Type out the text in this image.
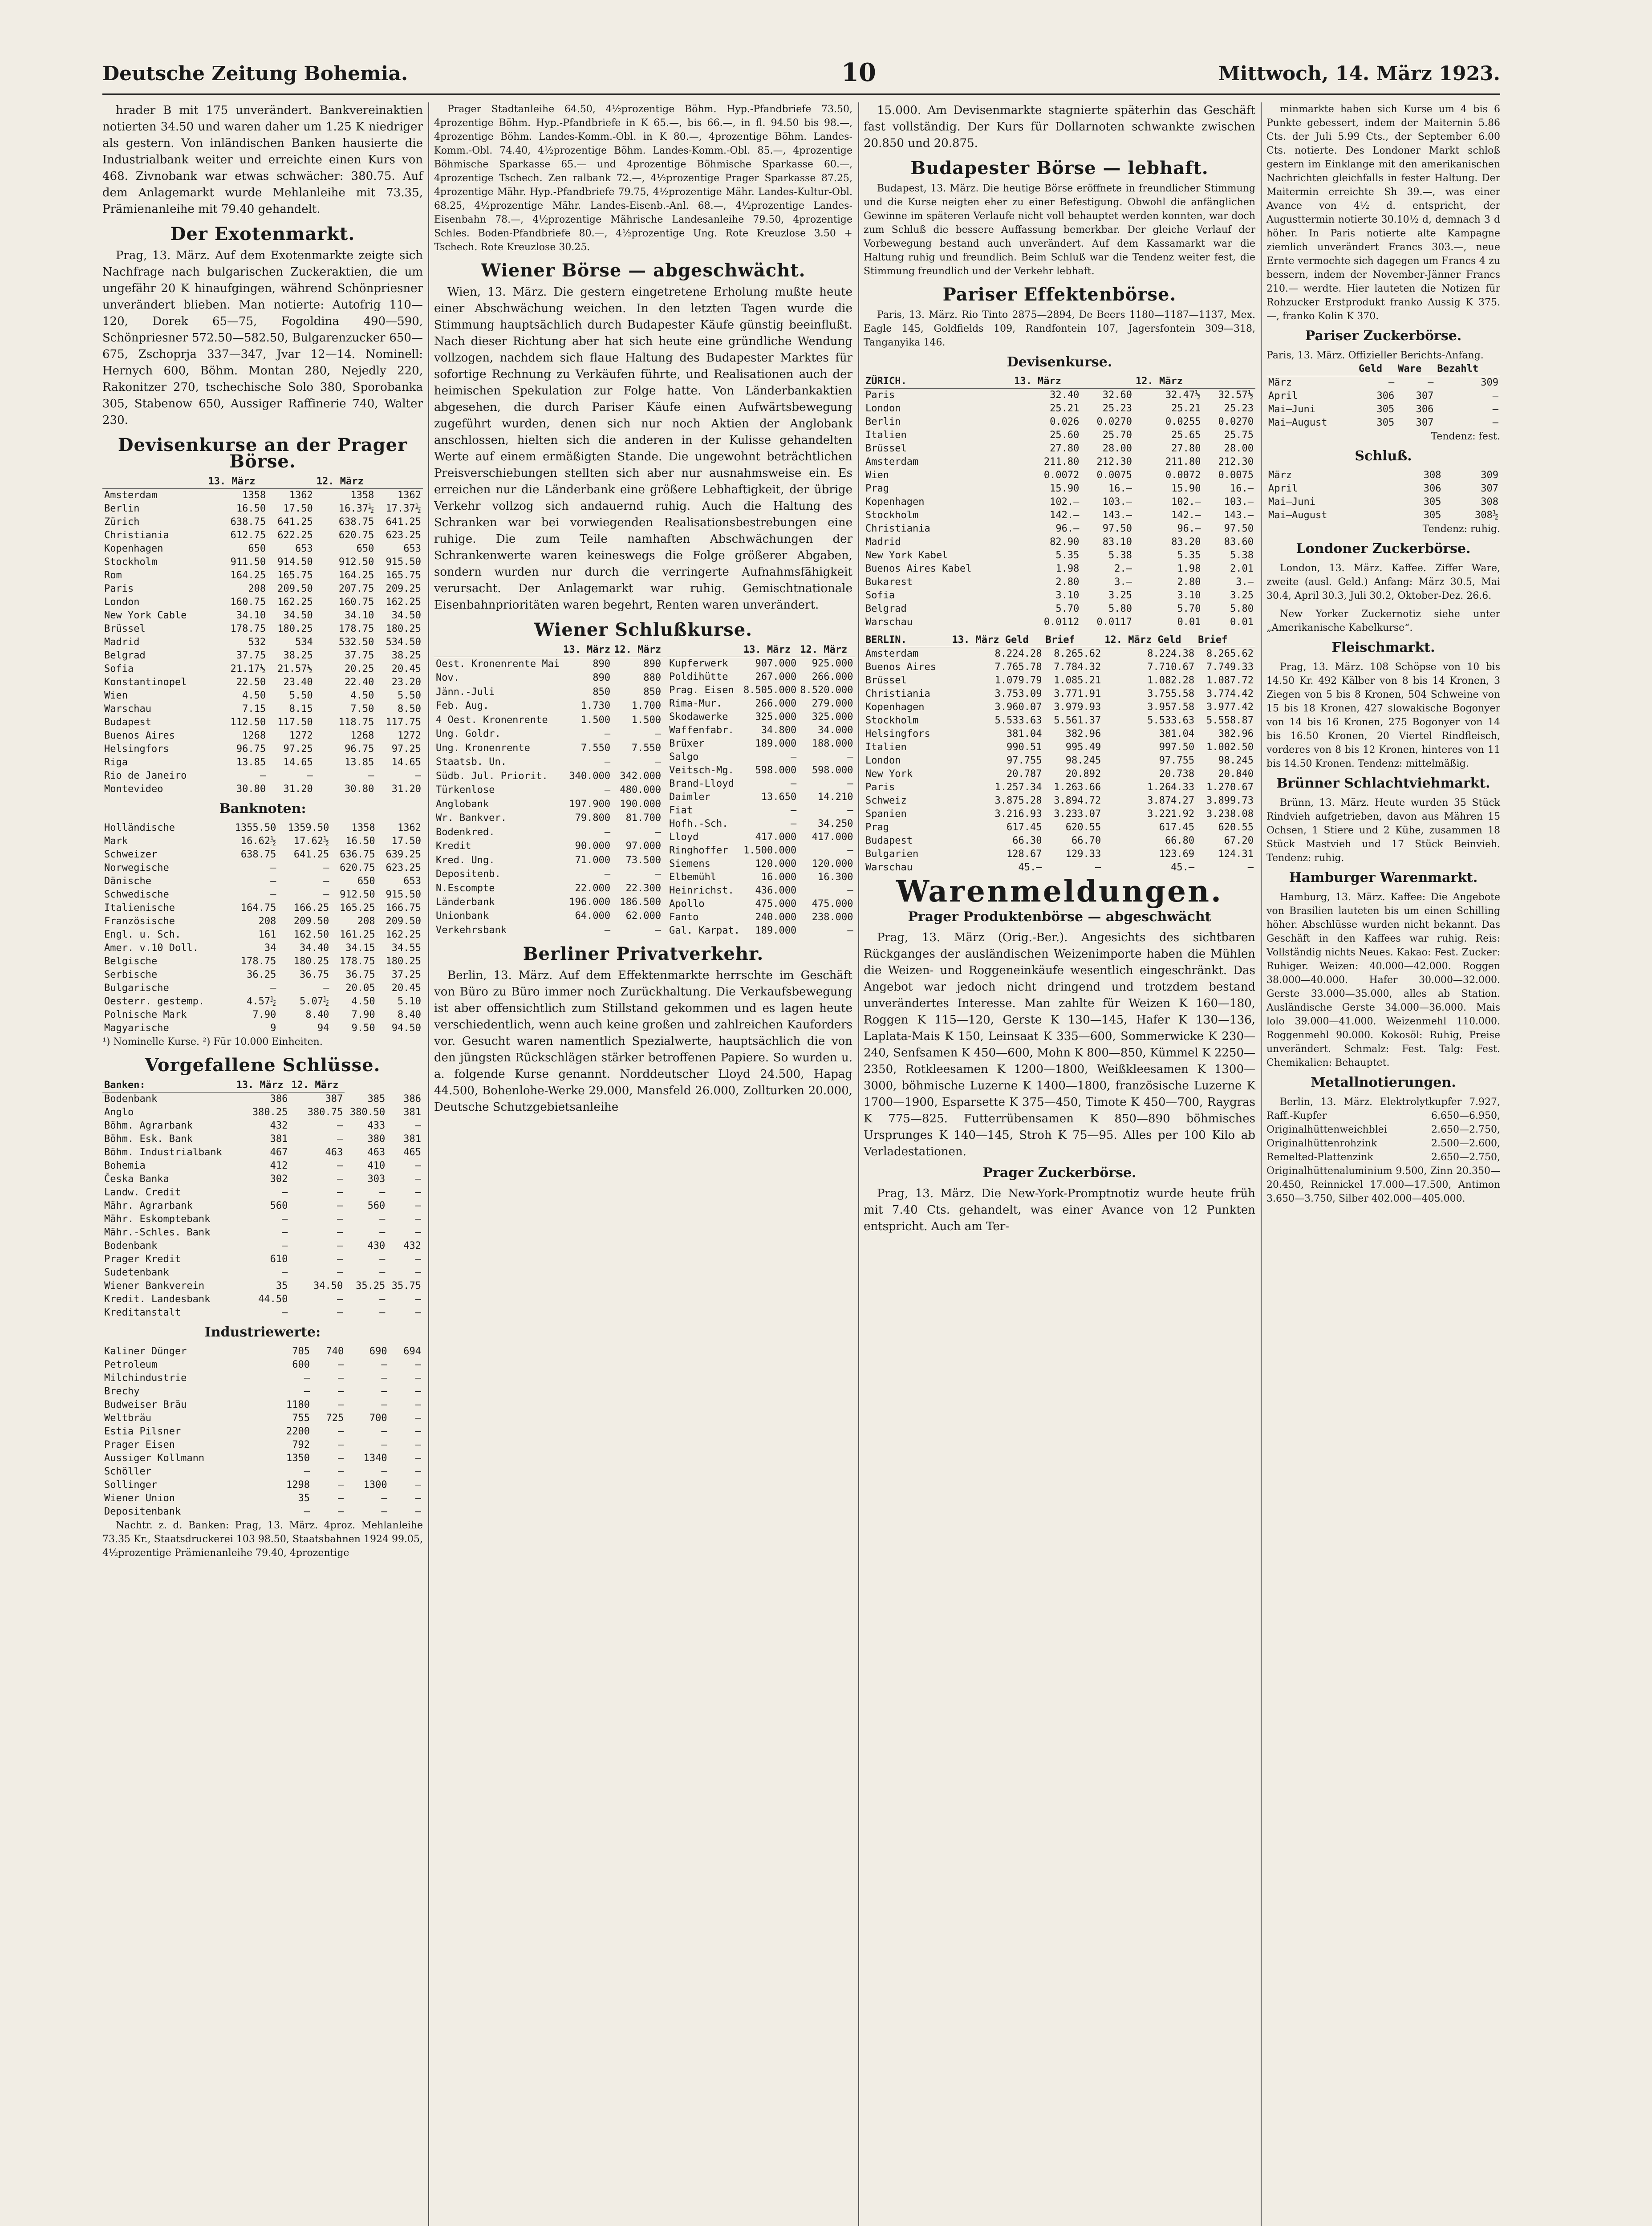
Deutsche Zeitung Bohemia.	10	Mittwoch, 14. März 1923.

hrader B mit 175 unverändert. Bankvereinaktien notierten 34.50 und waren daher um 1.25 K niedriger als gestern. Von inländischen Banken hausierte die Industrialbank weiter und erreichte einen Kurs von 468. Zivnobank war etwas schwächer: 380.75. Auf dem Anlagemarkt wurde Mehlanleihe mit 73.35, Prämienanleihe mit 79.40 gehandelt.

Der Exotenmarkt.

Prag, 13. März. Auf dem Exotenmarkte zeigte sich Nachfrage nach bulgarischen Zuckeraktien, die um ungefähr 20 K hinaufgingen, während Schönpriesner unverändert blieben. Man notierte: Autofrig 110—120, Dorek 65—75, Fogoldina 490—590, Schönpriesner 572.50—582.50, Bulgarenzucker 650—675, Zschoprja 337—347, Jvar 12—14. Nominell: Hernych 600, Böhm. Montan 280, Nejedly 220, Rakonitzer 270, tschechische Solo 380, Sporobanka 305, Stabenow 650, Aussiger Raffinerie 740, Walter 230.

Devisenkurse an der Prager Börse.
	13. März		12. März	
Amsterdam	1358	1362	1358	1362
Berlin	16.50	17.50	16.37½	17.37½
Zürich	638.75	641.25	638.75	641.25
Christiania	612.75	622.25	620.75	623.25
Kopenhagen	650	653	650	653
Stockholm	911.50	914.50	912.50	915.50
Rom	164.25	165.75	164.25	165.75
Paris	208	209.50	207.75	209.25
London	160.75	162.25	160.75	162.25
New York Cable	34.10	34.50	34.10	34.50
Brüssel	178.75	180.25	178.75	180.25
Madrid	532	534	532.50	534.50
Belgrad	37.75	38.25	37.75	38.25
Sofia	21.17½	21.57½	20.25	20.45
Konstantinopel	22.50	23.40	22.40	23.20
Wien	4.50	5.50	4.50	5.50
Warschau	7.15	8.15	7.50	8.50
Budapest	112.50	117.50	118.75	117.75
Buenos Aires	1268	1272	1268	1272
Helsingfors	96.75	97.25	96.75	97.25
Riga	13.85	14.65	13.85	14.65
Rio de Janeiro	—	—	—	—
Montevideo	30.80	31.20	30.80	31.20
Banknoten:
Holländische	1355.50	1359.50	1358	1362
Mark	16.62½	17.62½	16.50	17.50
Schweizer	638.75	641.25	636.75	639.25
Norwegische	—	—	620.75	623.25
Dänische	—	—	650	653
Schwedische	—	—	912.50	915.50
Italienische	164.75	166.25	165.25	166.75
Französische	208	209.50	208	209.50
Engl. u. Sch.	161	162.50	161.25	162.25
Amer. v.10 Doll.	34	34.40	34.15	34.55
Belgische	178.75	180.25	178.75	180.25
Serbische	36.25	36.75	36.75	37.25
Bulgarische	—	—	20.05	20.45
Oesterr. gestemp.	4.57½	5.07½	4.50	5.10
Polnische Mark	7.90	8.40	7.90	8.40
Magyarische	9	94	9.50	94.50
¹) Nominelle Kurse. ²) Für 10.000 Einheiten.
Vorgefallene Schlüsse.
Banken:	13. März	12. März		
Bodenbank	386	387	385	386
Anglo	380.25	380.75	380.50	381
Böhm. Agrarbank	432	—	433	—
Böhm. Esk. Bank	381	—	380	381
Böhm. Industrialbank	467	463	463	465
Bohemia	412	—	410	—
Česka Banka	302	—	303	—
Landw. Credit	—	—	—	—
Mähr. Agrarbank	560	—	560	—
Mähr. Eskomptebank	—	—	—	—
Mähr.-Schles. Bank	—	—	—	—
Bodenbank	—	—	430	432
Prager Kredit	610	—	—	—
Sudetenbank	—	—	—	—
Wiener Bankverein	35	34.50	35.25	35.75
Kredit. Landesbank	44.50	—	—	—
Kreditanstalt	—	—	—	—
Industriewerte:
Kaliner Dünger	705	740	690	694
Petroleum	600	—	—	—
Milchindustrie	—	—	—	—
Brechy	—	—	—	—
Budweiser Bräu	1180	—	—	—
Weltbräu	755	725	700	—
Estia Pilsner	2200	—	—	—
Prager Eisen	792	—	—	—
Aussiger Kollmann	1350	—	1340	—
Schöller	—	—	—	—
Sollinger	1298	—	1300	—
Wiener Union	35	—	—	—
Depositenbank	—	—	—	—

Nachtr. z. d. Banken: Prag, 13. März. 4proz. Mehlanleihe 73.35 Kr., Staatsdruckerei 103 98.50, Staatsbahnen 1924 99.05, 4½prozentige Prämienanleihe 79.40, 4prozentige

Prager Stadtanleihe 64.50, 4½prozentige Böhm. Hyp.-Pfandbriefe 73.50, 4prozentige Böhm. Hyp.-Pfandbriefe in K 65.—, bis 66.—, in fl. 94.50 bis 98.—, 4prozentige Böhm. Landes-Komm.-Obl. in K 80.—, 4prozentige Böhm. Landes-Komm.-Obl. 74.40, 4½prozentige Böhm. Landes-Komm.-Obl. 85.—, 4prozentige Böhmische Sparkasse 65.— und 4prozentige Böhmische Sparkasse 60.—, 4prozentige Tschech. Zen ralbank 72.—, 4½prozentige Prager Sparkasse 87.25, 4prozentige Mähr. Hyp.-Pfandbriefe 79.75, 4½prozentige Mähr. Landes-Kultur-Obl. 68.25, 4½prozentige Mähr. Landes-Eisenb.-Anl. 68.—, 4½prozentige Landes-Eisenbahn 78.—, 4½prozentige Mährische Landesanleihe 79.50, 4prozentige Schles. Boden-Pfandbriefe 80.—, 4½prozentige Ung. Rote Kreuzlose 3.50 + Tschech. Rote Kreuzlose 30.25.

Wiener Börse — abgeschwächt.

Wien, 13. März. Die gestern eingetretene Erholung mußte heute einer Abschwächung weichen. In den letzten Tagen wurde die Stimmung hauptsächlich durch Budapester Käufe günstig beeinflußt. Nach dieser Richtung aber hat sich heute eine gründliche Wendung vollzogen, nachdem sich flaue Haltung des Budapester Marktes für sofortige Rechnung zu Verkäufen führte, und Realisationen auch der heimischen Spekulation zur Folge hatte. Von Länderbankaktien abgesehen, die durch Pariser Käufe einen Aufwärtsbewegung zugeführt wurden, denen sich nur noch Aktien der Anglobank anschlossen, hielten sich die anderen in der Kulisse gehandelten Werte auf einem ermäßigten Stande. Die ungewohnt beträchtlichen Preisverschiebungen stellten sich aber nur ausnahmsweise ein. Es erreichen nur die Länderbank eine größere Lebhaftigkeit, der übrige Verkehr vollzog sich andauernd ruhig. Auch die Haltung des Schranken war bei vorwiegenden Realisationsbestrebungen eine ruhige. Die zum Teile namhaften Abschwächungen der Schrankenwerte waren keineswegs die Folge größerer Abgaben, sondern wurden nur durch die verringerte Aufnahmsfähigkeit verursacht. Der Anlagemarkt war ruhig. Gemischtnationale Eisenbahnprioritäten waren begehrt, Renten waren unverändert.

Wiener Schlußkurse.
	13. März	12. März
Oest. Kronenrente Mai	890	890
Nov.	890	880
Jänn.-Juli	850	850
Feb. Aug.	1.730	1.700
4 Oest. Kronenrente	1.500	1.500
Ung. Goldr.	—	—
Ung. Kronenrente	7.550	7.550
Staatsb. Un.	—	—
Südb. Jul. Priorit.	340.000	342.000
Türkenlose	—	480.000
Anglobank	197.900	190.000
Wr. Bankver.	79.800	81.700
Bodenkred.	—	—
Kredit	90.000	97.000
Kred. Ung.	71.000	73.500
Depositenb.	—	—
N.Escompte	22.000	22.300
Länderbank	196.000	186.500
Unionbank	64.000	62.000
Verkehrsbank	—	—
	13. März	12. März
Kupferwerk	907.000	925.000
Poldihütte	267.000	266.000
Prag. Eisen	8.505.000	8.520.000
Rima-Mur.	266.000	279.000
Skodawerke	325.000	325.000
Waffenfabr.	34.800	34.000
Brüxer	189.000	188.000
Salgo	—	—
Veitsch-Mg.	598.000	598.000
Brand-Lloyd	—	—
Daimler	13.650	14.210
Fiat	—	—
Hofh.-Sch.	—	34.250
Lloyd	417.000	417.000
Ringhoffer	1.500.000	—
Siemens	120.000	120.000
Elbemühl	16.000	16.300
Heinrichst.	436.000	—
Apollo	475.000	475.000
Fanto	240.000	238.000
Gal. Karpat.	189.000	—
Berliner Privatverkehr.

Berlin, 13. März. Auf dem Effektenmarkte herrschte im Geschäft von Büro zu Büro immer noch Zurückhaltung. Die Verkaufsbewegung ist aber offensichtlich zum Stillstand gekommen und es lagen heute verschiedentlich, wenn auch keine großen und zahlreichen Kauforders vor. Gesucht waren namentlich Spezialwerte, hauptsächlich die von den jüngsten Rückschlägen stärker betroffenen Papiere. So wurden u. a. folgende Kurse genannt. Norddeutscher Lloyd 24.500, Hapag 44.500, Bohenlohe-Werke 29.000, Mansfeld 26.000, Zollturken 20.000, Deutsche Schutzgebietsanleihe

15.000. Am Devisenmarkte stagnierte späterhin das Geschäft fast vollständig. Der Kurs für Dollarnoten schwankte zwischen 20.850 und 20.875.

Budapester Börse — lebhaft.

Budapest, 13. März. Die heutige Börse eröffnete in freundlicher Stimmung und die Kurse neigten eher zu einer Befestigung. Obwohl die anfänglichen Gewinne im späteren Verlaufe nicht voll behauptet werden konnten, war doch zum Schluß die bessere Auffassung bemerkbar. Der gleiche Verlauf der Vorbewegung bestand auch unverändert. Auf dem Kassamarkt war die Haltung ruhig und freundlich. Beim Schluß war die Tendenz weiter fest, die Stimmung freundlich und der Verkehr lebhaft.

Pariser Effektenbörse.

Paris, 13. März. Rio Tinto 2875—2894, De Beers 1180—1187—1137, Mex. Eagle 145, Goldfields 109, Randfontein 107, Jagersfontein 309—318, Tanganyika 146.

Devisenkurse.
ZÜRICH.	13. März		12. März	
Paris	32.40	32.60	32.47½	32.57½
London	25.21	25.23	25.21	25.23
Berlin	0.026	0.0270	0.0255	0.0270
Italien	25.60	25.70	25.65	25.75
Brüssel	27.80	28.00	27.80	28.00
Amsterdam	211.80	212.30	211.80	212.30
Wien	0.0072	0.0075	0.0072	0.0075
Prag	15.90	16.—	15.90	16.—
Kopenhagen	102.—	103.—	102.—	103.—
Stockholm	142.—	143.—	142.—	143.—
Christiania	96.—	97.50	96.—	97.50
Madrid	82.90	83.10	83.20	83.60
New York Kabel	5.35	5.38	5.35	5.38
Buenos Aires Kabel	1.98	2.—	1.98	2.01
Bukarest	2.80	3.—	2.80	3.—
Sofia	3.10	3.25	3.10	3.25
Belgrad	5.70	5.80	5.70	5.80
Warschau	0.0112	0.0117	0.01	0.01
BERLIN.	13. März Geld	Brief	12. März Geld	Brief
Amsterdam	8.224.28	8.265.62	8.224.38	8.265.62
Buenos Aires	7.765.78	7.784.32	7.710.67	7.749.33
Brüssel	1.079.79	1.085.21	1.082.28	1.087.72
Christiania	3.753.09	3.771.91	3.755.58	3.774.42
Kopenhagen	3.960.07	3.979.93	3.957.58	3.977.42
Stockholm	5.533.63	5.561.37	5.533.63	5.558.87
Helsingfors	381.04	382.96	381.04	382.96
Italien	990.51	995.49	997.50	1.002.50
London	97.755	98.245	97.755	98.245
New York	20.787	20.892	20.738	20.840
Paris	1.257.34	1.263.66	1.264.33	1.270.67
Schweiz	3.875.28	3.894.72	3.874.27	3.899.73
Spanien	3.216.93	3.233.07	3.221.92	3.238.08
Prag	617.45	620.55	617.45	620.55
Budapest	66.30	66.70	66.80	67.20
Bulgarien	128.67	129.33	123.69	124.31
Warschau	45.—	—	45.—	—
Warenmeldungen.
Prager Produktenbörse — abgeschwächt

Prag, 13. März (Orig.-Ber.). Angesichts des sichtbaren Rückganges der ausländischen Weizenimporte haben die Mühlen die Weizen- und Roggeneinkäufe wesentlich eingeschränkt. Das Angebot war jedoch nicht dringend und trotzdem bestand unverändertes Interesse. Man zahlte für Weizen K 160—180, Roggen K 115—120, Gerste K 130—145, Hafer K 130—136, Laplata-Mais K 150, Leinsaat K 335—600, Sommerwicke K 230—240, Senfsamen K 450—600, Mohn K 800—850, Kümmel K 2250—2350, Rotkleesamen K 1200—1800, Weißkleesamen K 1300—3000, böhmische Luzerne K 1400—1800, französische Luzerne K 1700—1900, Esparsette K 375—450, Timote K 450—700, Raygras K 775—825. Futterrübensamen K 850—890 böhmisches Ursprunges K 140—145, Stroh K 75—95. Alles per 100 Kilo ab Verladestationen.

Prager Zuckerbörse.

Prag, 13. März. Die New-York-Promptnotiz wurde heute früh mit 7.40 Cts. gehandelt, was einer Avance von 12 Punkten entspricht. Auch am Ter-

minmarkte haben sich Kurse um 4 bis 6 Punkte gebessert, indem der Maiternin 5.86 Cts. der Juli 5.99 Cts., der September 6.00 Cts. notierte. Des Londoner Markt schloß gestern im Einklange mit den amerikanischen Nachrichten gleichfalls in fester Haltung. Der Maitermin erreichte Sh 39.—, was einer Avance von 4½ d. entspricht, der Augusttermin notierte 30.10½ d, demnach 3 d höher. In Paris notierte alte Kampagne ziemlich unverändert Francs 303.—, neue Ernte vermochte sich dagegen um Francs 4 zu bessern, indem der November-Jänner Francs 210.— werdte. Hier lauteten die Notizen für Rohzucker Erstprodukt franko Aussig K 375.—, franko Kolin K 370.

Pariser Zuckerbörse.
Paris, 13. März. Offizieller Berichts-Anfang.
	Geld	Ware	Bezahlt
März	—	—	309
April	306	307	—
Mai—Juni	305	306	—
Mai—August	305	307	—
Tendenz: fest.
Schluß.
März	308	309
April	306	307
Mai—Juni	305	308
Mai—August	305	308½
Tendenz: ruhig.
Londoner Zuckerbörse.

London, 13. März. Kaffee. Ziffer Ware, zweite (ausl. Geld.) Anfang: März 30.5, Mai 30.4, April 30.3, Juli 30.2, Oktober-Dez. 26.6.

New Yorker Zuckernotiz siehe unter „Amerikanische Kabelkurse“.

Fleischmarkt.

Prag, 13. März. 108 Schöpse von 10 bis 14.50 Kr. 492 Kälber von 8 bis 14 Kronen, 3 Ziegen von 5 bis 8 Kronen, 504 Schweine von 15 bis 18 Kronen, 427 slowakische Bogonyer von 14 bis 16 Kronen, 275 Bogonyer von 14 bis 16.50 Kronen, 20 Viertel Rindfleisch, vorderes von 8 bis 12 Kronen, hinteres von 11 bis 14.50 Kronen. Tendenz: mittelmäßig.

Brünner Schlachtviehmarkt.

Brünn, 13. März. Heute wurden 35 Stück Rindvieh aufgetrieben, davon aus Mähren 15 Ochsen, 1 Stiere und 2 Kühe, zusammen 18 Stück Mastvieh und 17 Stück Beinvieh. Tendenz: ruhig.

Hamburger Warenmarkt.

Hamburg, 13. März. Kaffee: Die Angebote von Brasilien lauteten bis um einen Schilling höher. Abschlüsse wurden nicht bekannt. Das Geschäft in den Kaffees war ruhig. Reis: Vollständig nichts Neues. Kakao: Fest. Zucker: Ruhiger. Weizen: 40.000—42.000. Roggen 38.000—40.000. Hafer 30.000—32.000. Gerste 33.000—35.000, alles ab Station. Ausländische Gerste 34.000—36.000. Mais lolo 39.000—41.000. Weizenmehl 110.000. Roggenmehl 90.000. Kokosöl: Ruhig, Preise unverändert. Schmalz: Fest. Talg: Fest. Chemikalien: Behauptet.

Metallnotierungen.

Berlin, 13. März. Elektrolytkupfer 7.927, Raff.-Kupfer 6.650—6.950, Originalhüttenweichblei 2.650—2.750, Originalhüttenrohzink 2.500—2.600, Remelted-Plattenzink 2.650—2.750, Originalhüttenaluminium 9.500, Zinn 20.350—20.450, Reinnickel 17.000—17.500, Antimon 3.650—3.750, Silber 402.000—405.000.
